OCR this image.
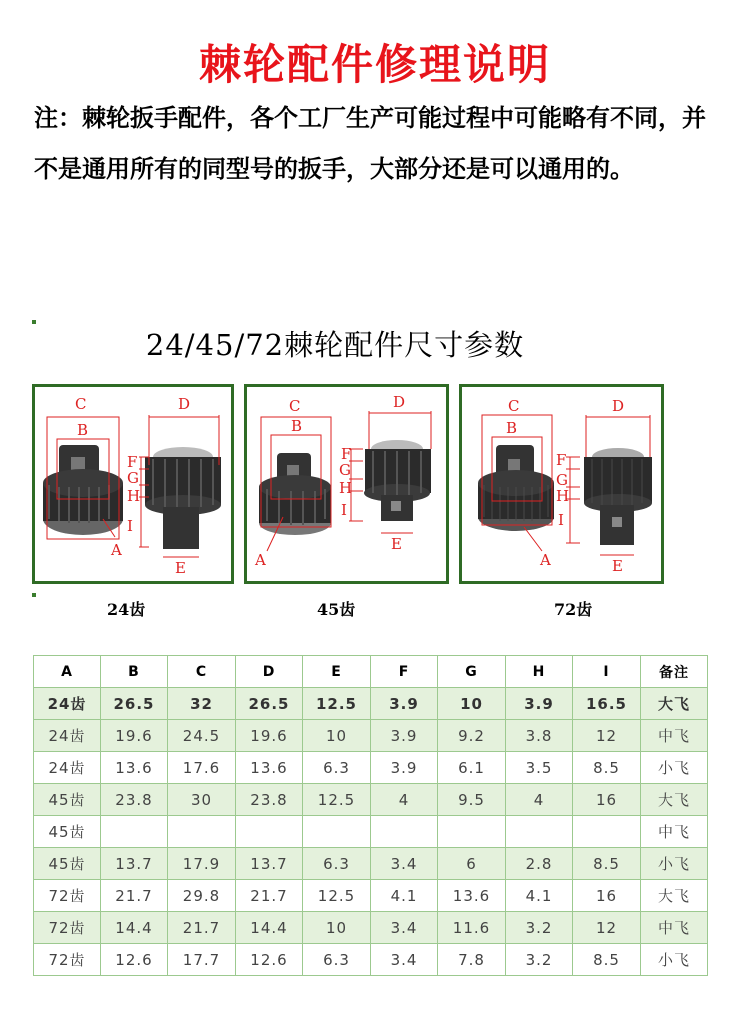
棘轮配件修理说明
注：棘轮扳手配件，各个工厂生产可能过程中可能略有不同，并不是通用所有的同型号的扳手，大部分还是可以通用的。
24/45/72棘轮配件尺寸参数
C
B
D
F
G
H
I
A
E
C
B
D
F
G
H
I
A
E
C
B
D
F
G
H
I
A	E
24齿	45齿	72齿
A	B	C	D	E	F	G	H	I	备注
24齿	26.5	32	26.5	12.5	3.9	10	3.9	16.5	大飞
24齿	19.6	24.5	19.6	10	3.9	9.2	3.8	12	中飞
24齿	13.6	17.6	13.6	6.3	3.9	6.1	3.5	8.5	小飞
45齿	23.8	30	23.8	12.5	4	9.5	4	16	大飞
45齿									中飞
45齿	13.7	17.9	13.7	6.3	3.4	6	2.8	8.5	小飞
72齿	21.7	29.8	21.7	12.5	4.1	13.6	4.1	16	大飞
72齿	14.4	21.7	14.4	10	3.4	11.6	3.2	12	中飞
72齿	12.6	17.7	12.6	6.3	3.4	7.8	3.2	8.5	小飞
